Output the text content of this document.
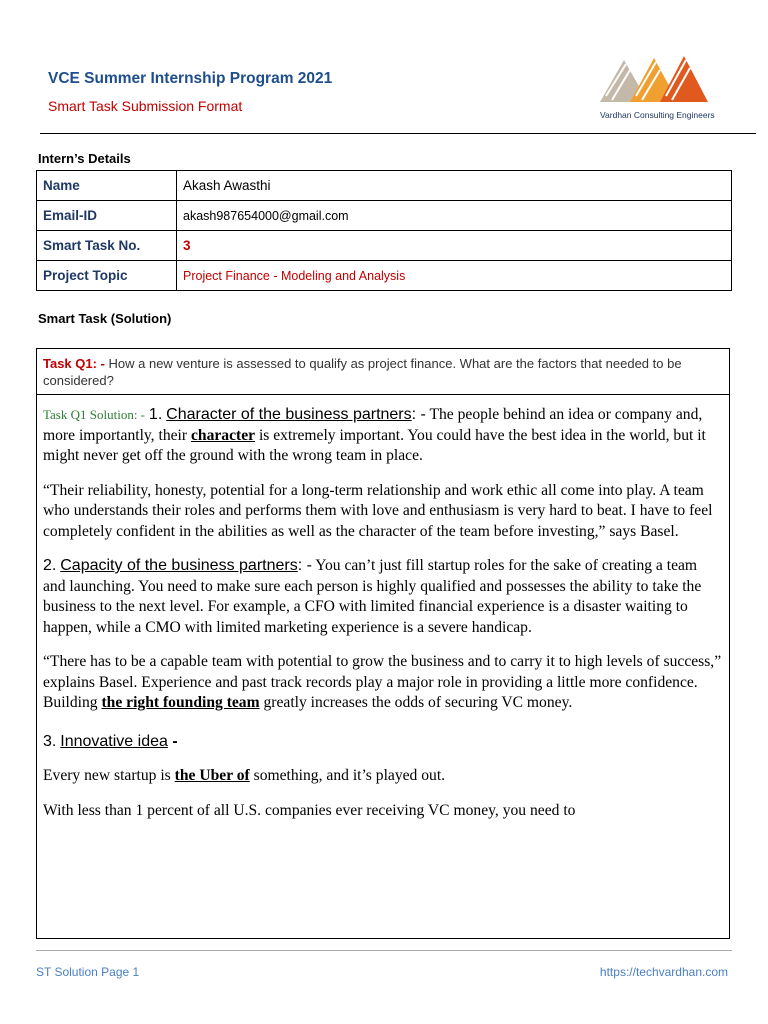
VCE Summer Internship Program 2021
Smart Task Submission Format
Vardhan Consulting Engineers
Intern’s Details
Name	Akash Awasthi
Email-ID	akash987654000@gmail.com
Smart Task No.	3
Project Topic	Project Finance - Modeling and Analysis
Smart Task (Solution)
Task Q1: - How a new venture is assessed to qualify as project finance. What are the factors that needed to be considered?

Task Q1 Solution: - 1. Character of the business partners: - The people behind an idea or company and, more importantly, their character is extremely important. You could have the best idea in the world, but it might never get off the ground with the wrong team in place.

“Their reliability, honesty, potential for a long-term relationship and work ethic all come into play. A team who understands their roles and performs them with love and enthusiasm is very hard to beat. I have to feel completely confident in the abilities as well as the character of the team before investing,” says Basel.

2. Capacity of the business partners: - You can’t just fill startup roles for the sake of creating a team and launching. You need to make sure each person is highly qualified and possesses the ability to take the business to the next level. For example, a CFO with limited financial experience is a disaster waiting to happen, while a CMO with limited marketing experience is a severe handicap.

“There has to be a capable team with potential to grow the business and to carry it to high levels of success,” explains Basel. Experience and past track records play a major role in providing a little more confidence. Building the right founding team greatly increases the odds of securing VC money.

3. Innovative idea -

Every new startup is the Uber of something, and it’s played out.

With less than 1 percent of all U.S. companies ever receiving VC money, you need to

ST Solution Page 1	https://techvardhan.com
